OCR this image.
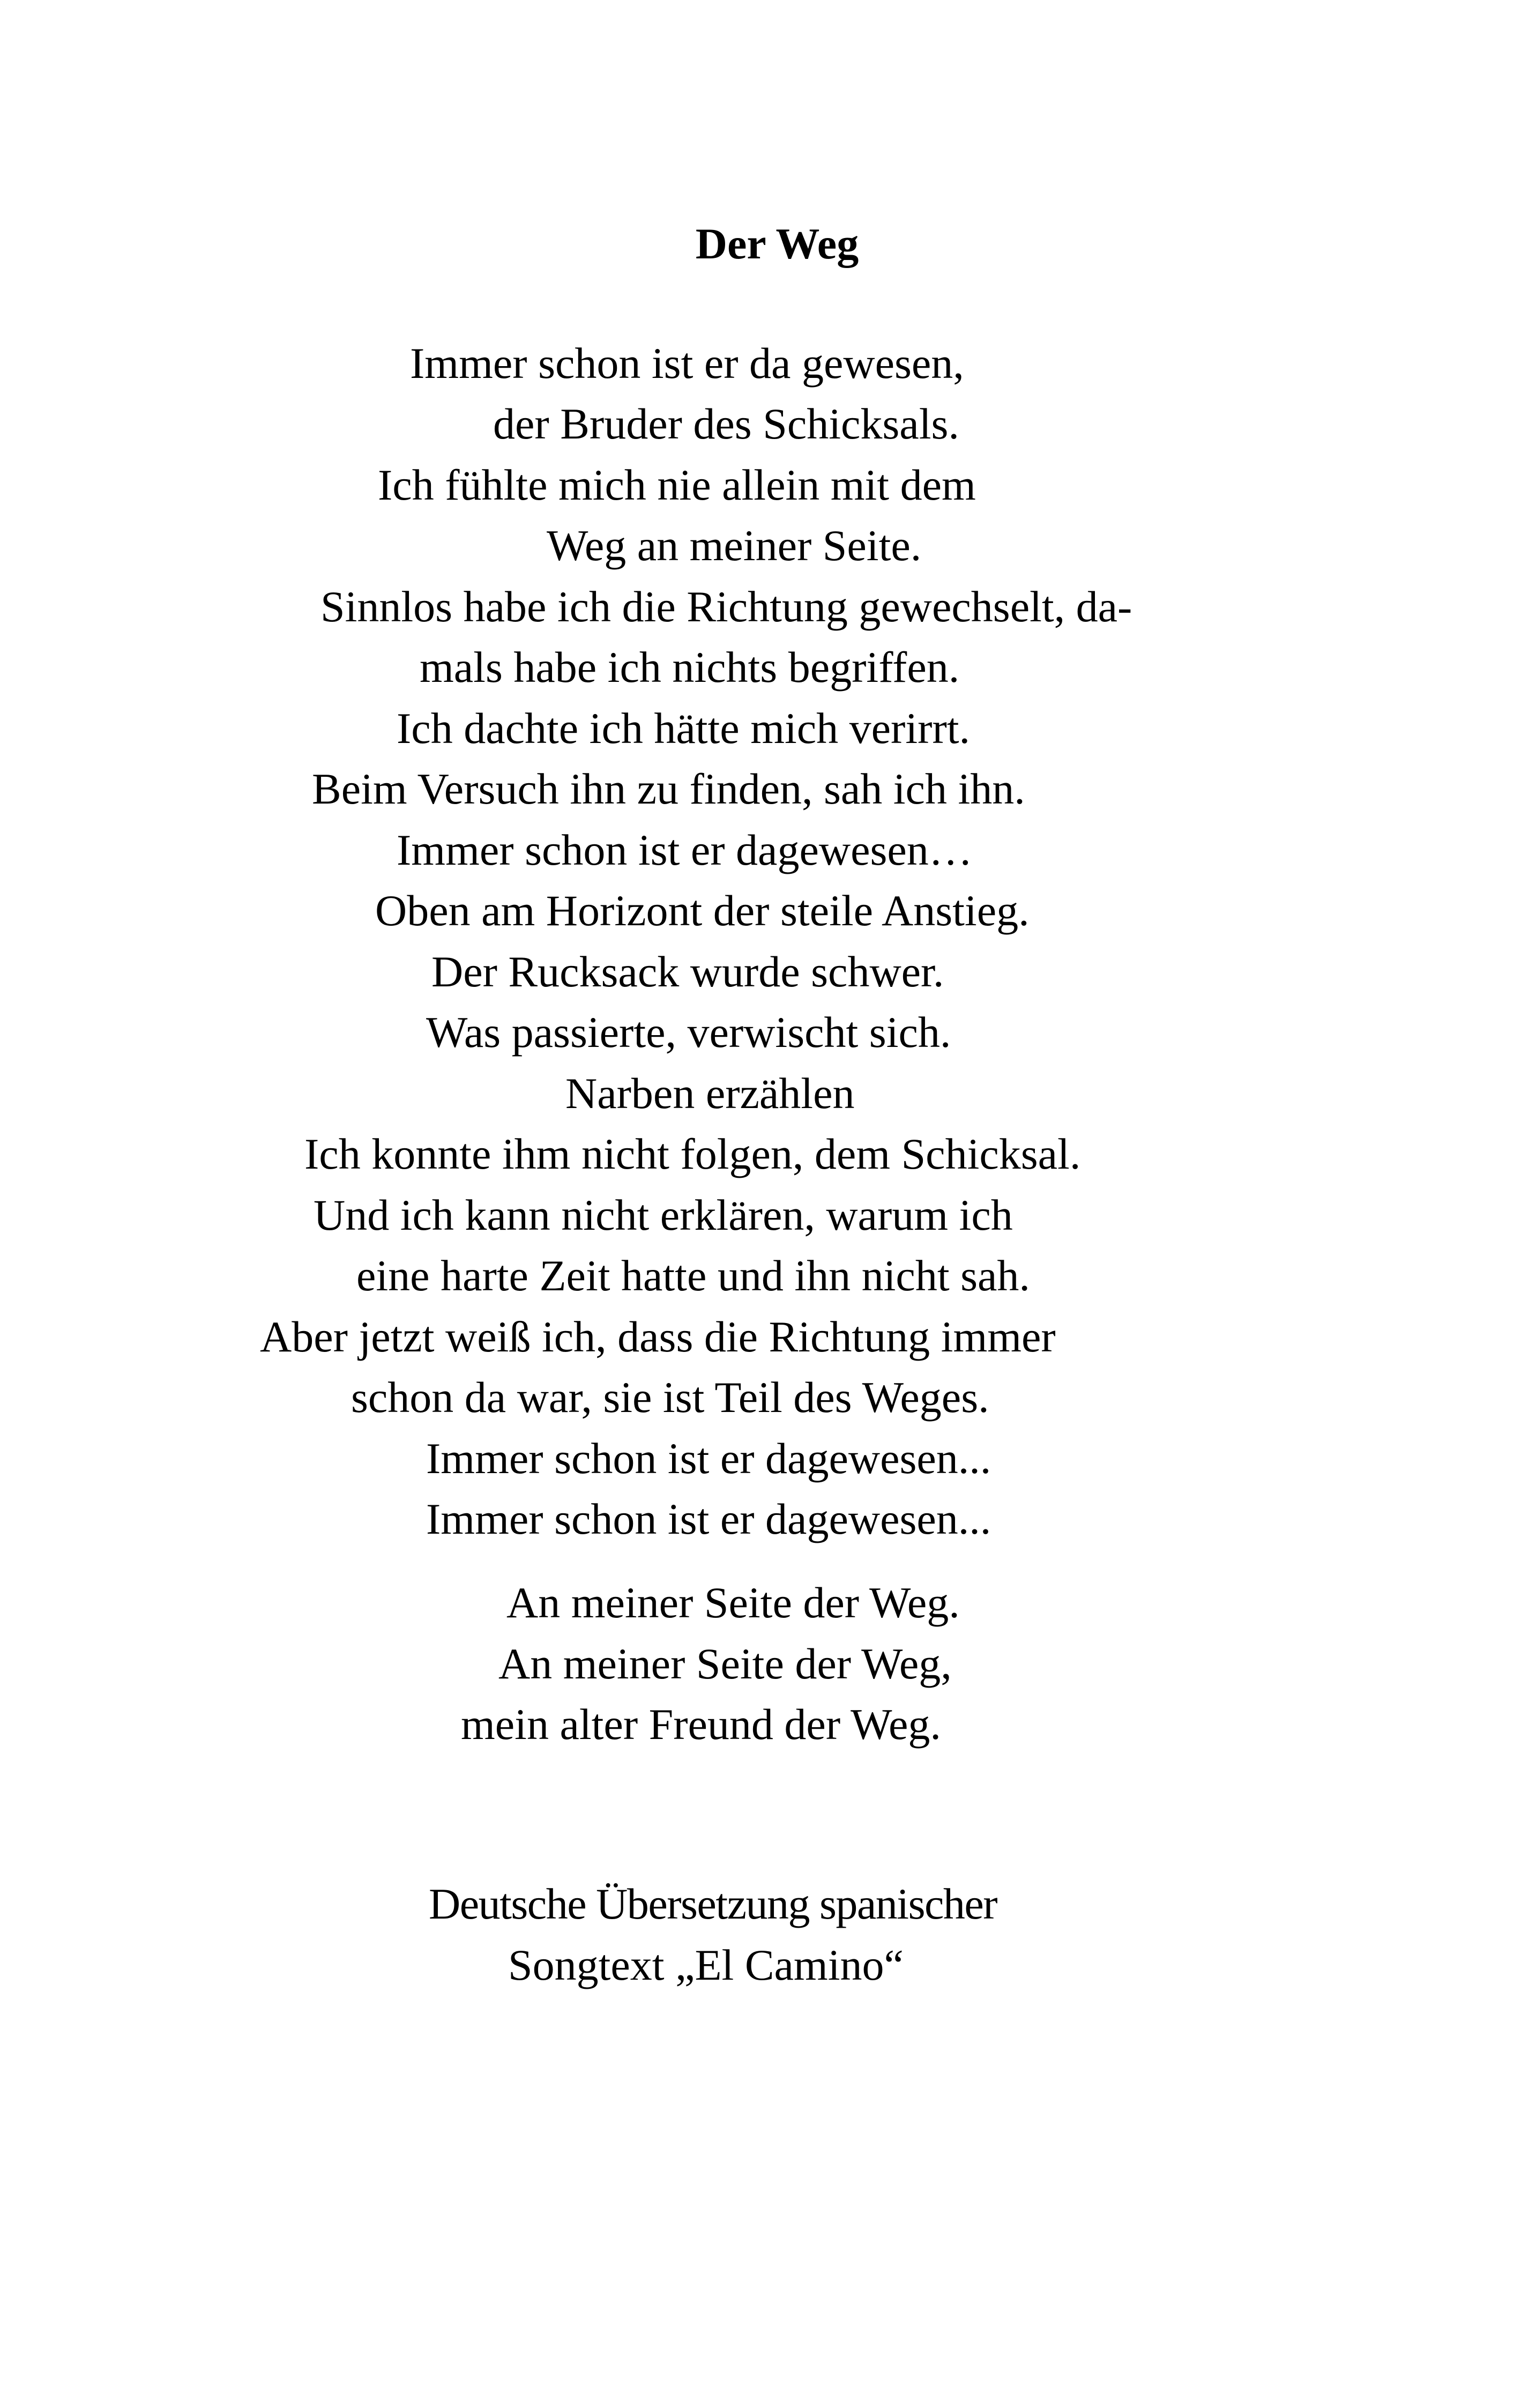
Der Weg
Immer schon ist er da gewesen,
der Bruder des Schicksals.
Ich fühlte mich nie allein mit dem
Weg an meiner Seite.
Sinnlos habe ich die Richtung gewechselt, da-
mals habe ich nichts begriffen.
Ich dachte ich hätte mich verirrt.
Beim Versuch ihn zu finden, sah ich ihn.
Immer schon ist er dagewesen…
Oben am Horizont der steile Anstieg.
Der Rucksack wurde schwer.
Was passierte, verwischt sich.
Narben erzählen
Ich konnte ihm nicht folgen, dem Schicksal.
Und ich kann nicht erklären, warum ich
eine harte Zeit hatte und ihn nicht sah.
Aber jetzt weiß ich, dass die Richtung immer
schon da war, sie ist Teil des Weges.
Immer schon ist er dagewesen...
Immer schon ist er dagewesen...
An meiner Seite der Weg.
An meiner Seite der Weg,
mein alter Freund der Weg.
Deutsche Übersetzung spanischer
Songtext „El Camino“
